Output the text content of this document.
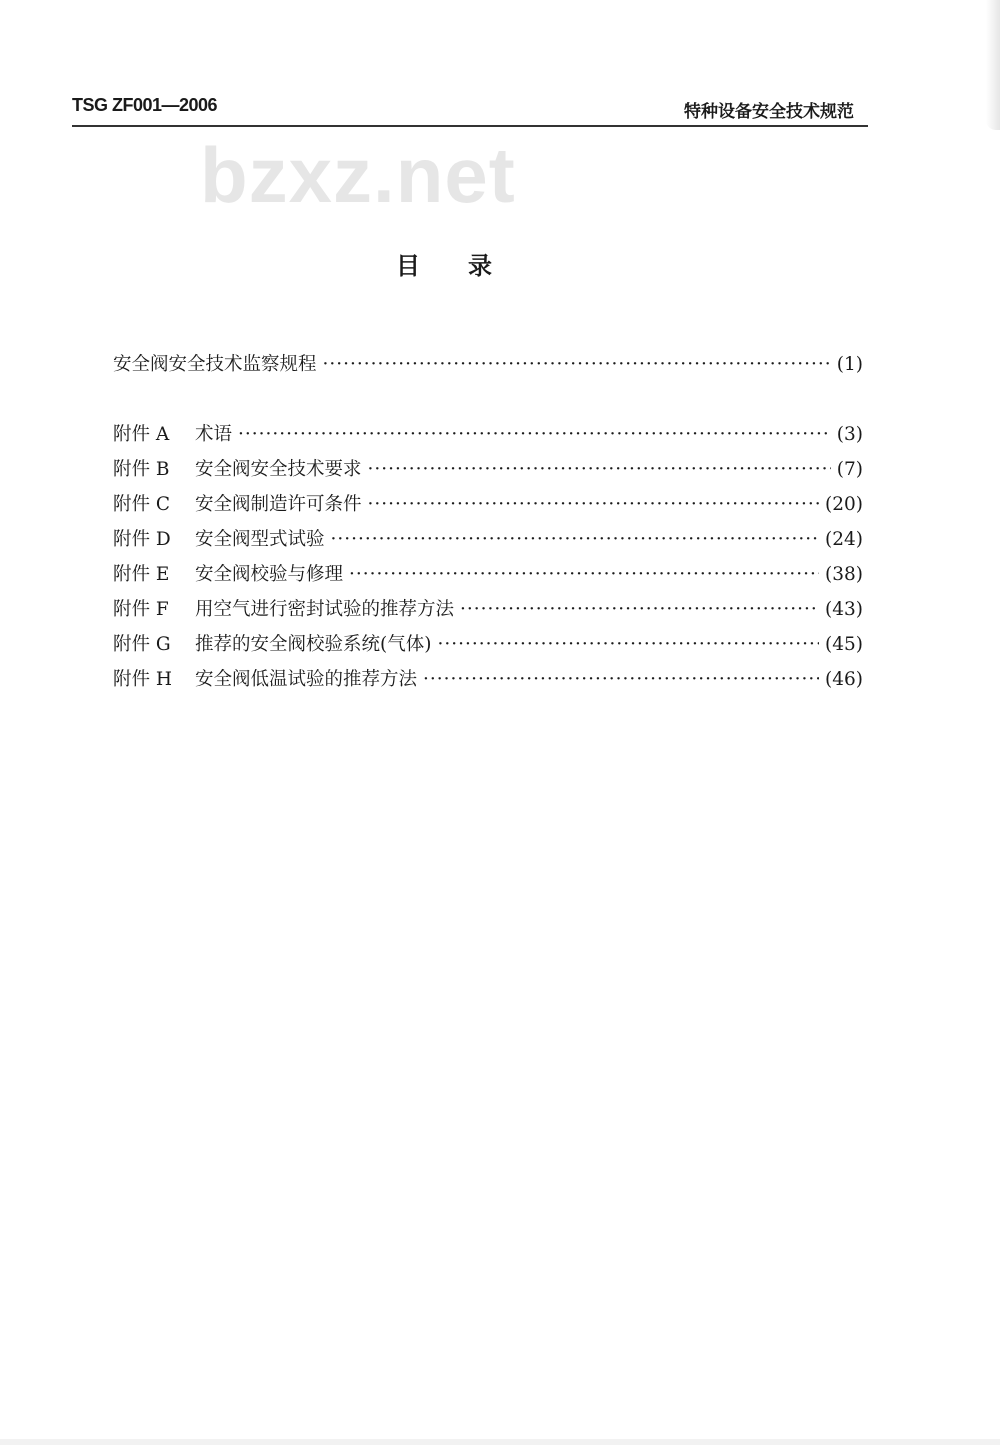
TSG ZF001—2006	特种设备安全技术规范
bzxz.net
目录
安全阀安全技术监察规程 ·····	(1)
附件 A	术语 ·····	(3)
附件 B	安全阀安全技术要求 ·····	(7)
附件 C	安全阀制造许可条件 ·····	(20)
附件 D	安全阀型式试验 ·····	(24)
附件 E	安全阀校验与修理 ·····	(38)
附件 F	用空气进行密封试验的推荐方法 ·····	(43)
附件 G	推荐的安全阀校验系统(气体) ·····	(45)
附件 H	安全阀低温试验的推荐方法 ·····	(46)
